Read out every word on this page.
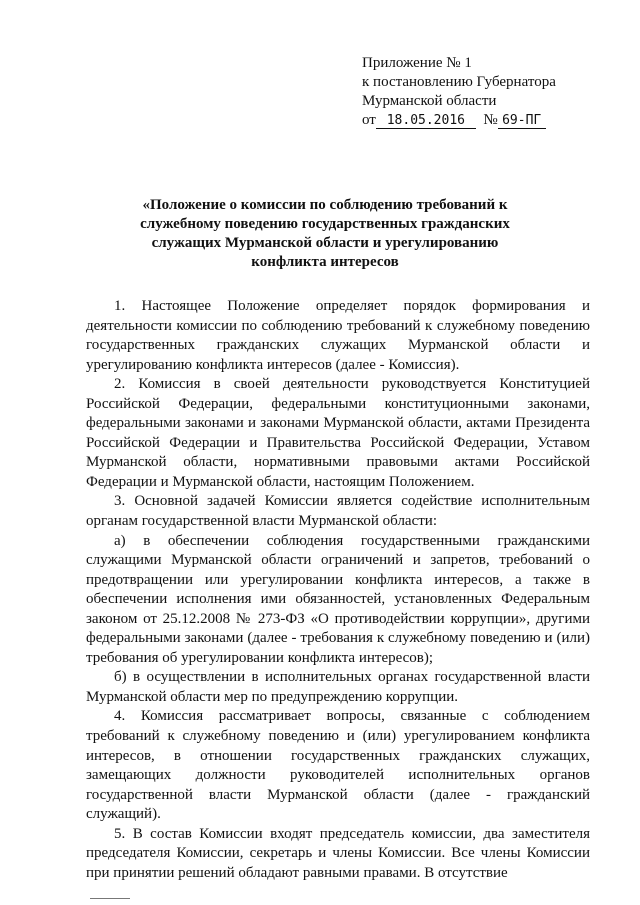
Приложение № 1
к постановлению Губернатора
Мурманской области
от 18.05.2016 № 69-ПГ
«Положение о комиссии по соблюдению требований к служебному поведению государственных гражданских служащих Мурманской области и урегулированию конфликта интересов

1. Настоящее Положение определяет порядок формирования и деятельности комиссии по соблюдению требований к служебному поведению государственных гражданских служащих Мурманской области и урегулированию конфликта интересов (далее - Комиссия).

2. Комиссия в своей деятельности руководствуется Конституцией Российской Федерации, федеральными конституционными законами, федеральными законами и законами Мурманской области, актами Президента Российской Федерации и Правительства Российской Федерации, Уставом Мурманской области, нормативными правовыми актами Российской Федерации и Мурманской области, настоящим Положением.

3. Основной задачей Комиссии является содействие исполнительным органам государственной власти Мурманской области:

а) в обеспечении соблюдения государственными гражданскими служащими Мурманской области ограничений и запретов, требований о предотвращении или урегулировании конфликта интересов, а также в обеспечении исполнения ими обязанностей, установленных Федеральным законом от 25.12.2008 № 273-ФЗ «О противодействии коррупции», другими федеральными законами (далее - требования к служебному поведению и (или) требования об урегулировании конфликта интересов);

б) в осуществлении в исполнительных органах государственной власти Мурманской области мер по предупреждению коррупции.

4. Комиссия рассматривает вопросы, связанные с соблюдением требований к служебному поведению и (или) урегулированием конфликта интересов, в отношении государственных гражданских служащих, замещающих должности руководителей исполнительных органов государственной власти Мурманской области (далее - гражданский служащий).

5. В состав Комиссии входят председатель комиссии, два заместителя председателя Комиссии, секретарь и члены Комиссии. Все члены Комиссии при принятии решений обладают равными правами. В отсутствие
